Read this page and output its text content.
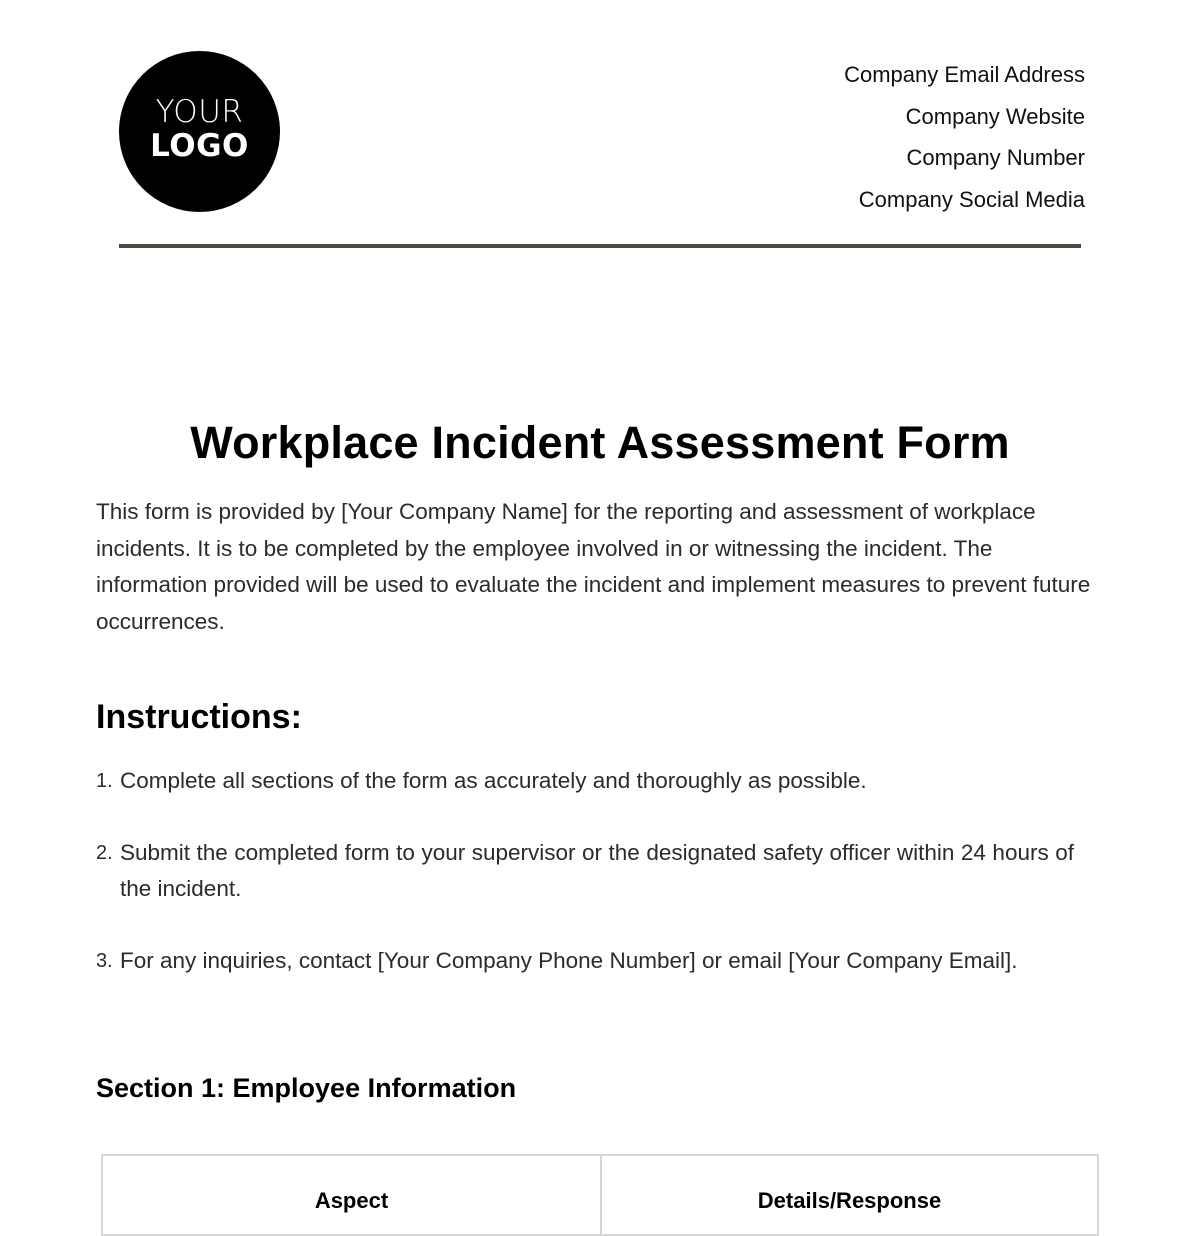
YOUR
LOGO
Company Email Address
Company Website
Company Number
Company Social Media
Workplace Incident Assessment Form

This form is provided by [Your Company Name] for the reporting and assessment of workplace incidents. It is to be completed by the employee involved in or witnessing the incident. The information provided will be used to evaluate the incident and implement measures to prevent future occurrences.

Instructions:
1. Complete all sections of the form as accurately and thoroughly as possible.
2. Submit the completed form to your supervisor or the designated safety officer within 24 hours of the incident.
3. For any inquiries, contact [Your Company Phone Number] or email [Your Company Email].
Section 1: Employee Information
Aspect	Details/Response
